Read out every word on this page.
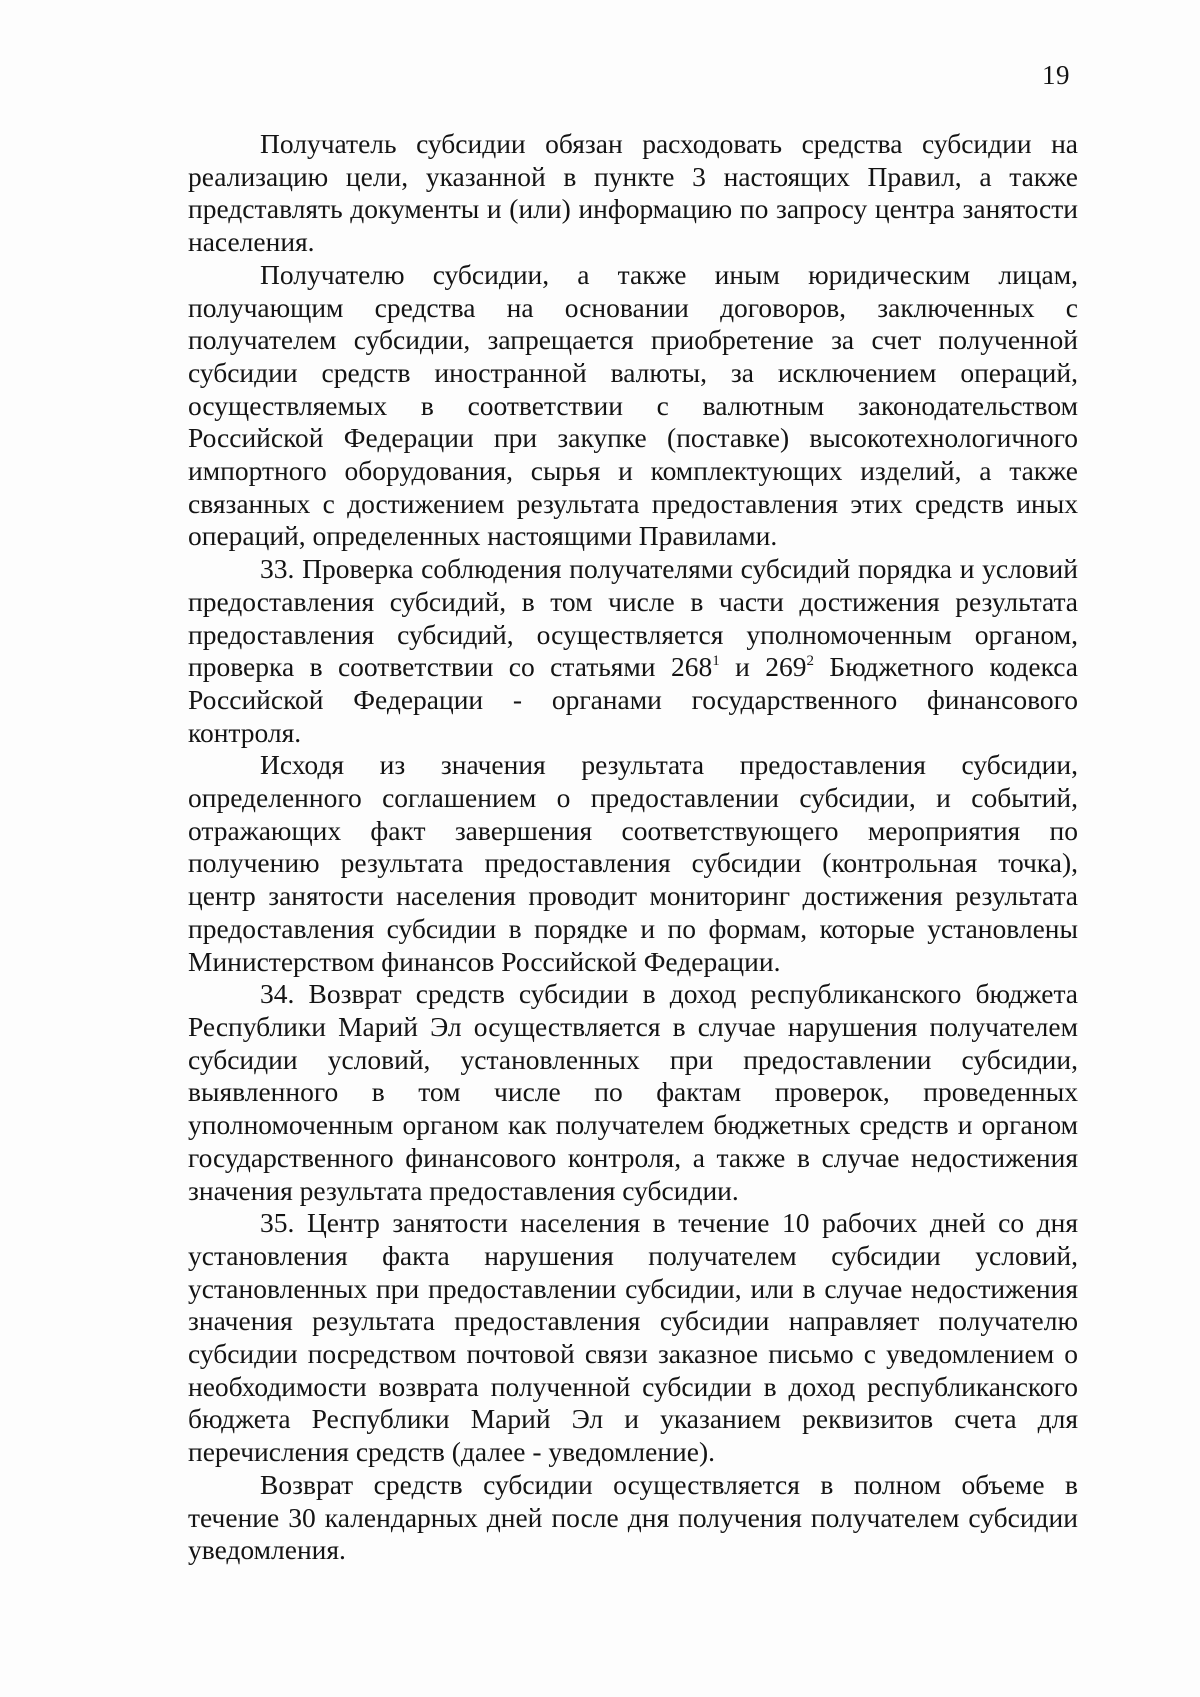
19

Получатель субсидии обязан расходовать средства субсидии на реализацию цели, указанной в пункте 3 настоящих Правил, а также представлять документы и (или) информацию по запросу центра занятости населения.

Получателю субсидии, а также иным юридическим лицам, получающим средства на основании договоров, заключенных с получателем субсидии, запрещается приобретение за счет полученной субсидии средств иностранной валюты, за исключением операций, осуществляемых в соответствии с валютным законодательством Российской Федерации при закупке (поставке) высокотехнологичного импортного оборудования, сырья и комплектующих изделий, а также связанных с достижением результата предоставления этих средств иных операций, определенных настоящими Правилами.

33. Проверка соблюдения получателями субсидий порядка и условий предоставления субсидий, в том числе в части достижения результата предоставления субсидий, осуществляется уполномоченным органом, проверка в соответствии со статьями $268^1$ и $269^2$ Бюджетного кодекса Российской Федерации - органами государственного финансового контроля.

Исходя из значения результата предоставления субсидии, определенного соглашением о предоставлении субсидии, и событий, отражающих факт завершения соответствующего мероприятия по получению результата предоставления субсидии (контрольная точка), центр занятости населения проводит мониторинг достижения результата предоставления субсидии в порядке и по формам, которые установлены Министерством финансов Российской Федерации.

34. Возврат средств субсидии в доход республиканского бюджета Республики Марий Эл осуществляется в случае нарушения получателем субсидии условий, установленных при предоставлении субсидии, выявленного в том числе по фактам проверок, проведенных уполномоченным органом как получателем бюджетных средств и органом государственного финансового контроля, а также в случае недостижения значения результата предоставления субсидии.

35. Центр занятости населения в течение 10 рабочих дней со дня установления факта нарушения получателем субсидии условий, установленных при предоставлении субсидии, или в случае недостижения значения результата предоставления субсидии направляет получателю субсидии посредством почтовой связи заказное письмо с уведомлением о необходимости возврата полученной субсидии в доход республиканского бюджета Республики Марий Эл и указанием реквизитов счета для перечисления средств (далее - уведомление).

Возврат средств субсидии осуществляется в полном объеме в течение 30 календарных дней после дня получения получателем субсидии уведомления.
